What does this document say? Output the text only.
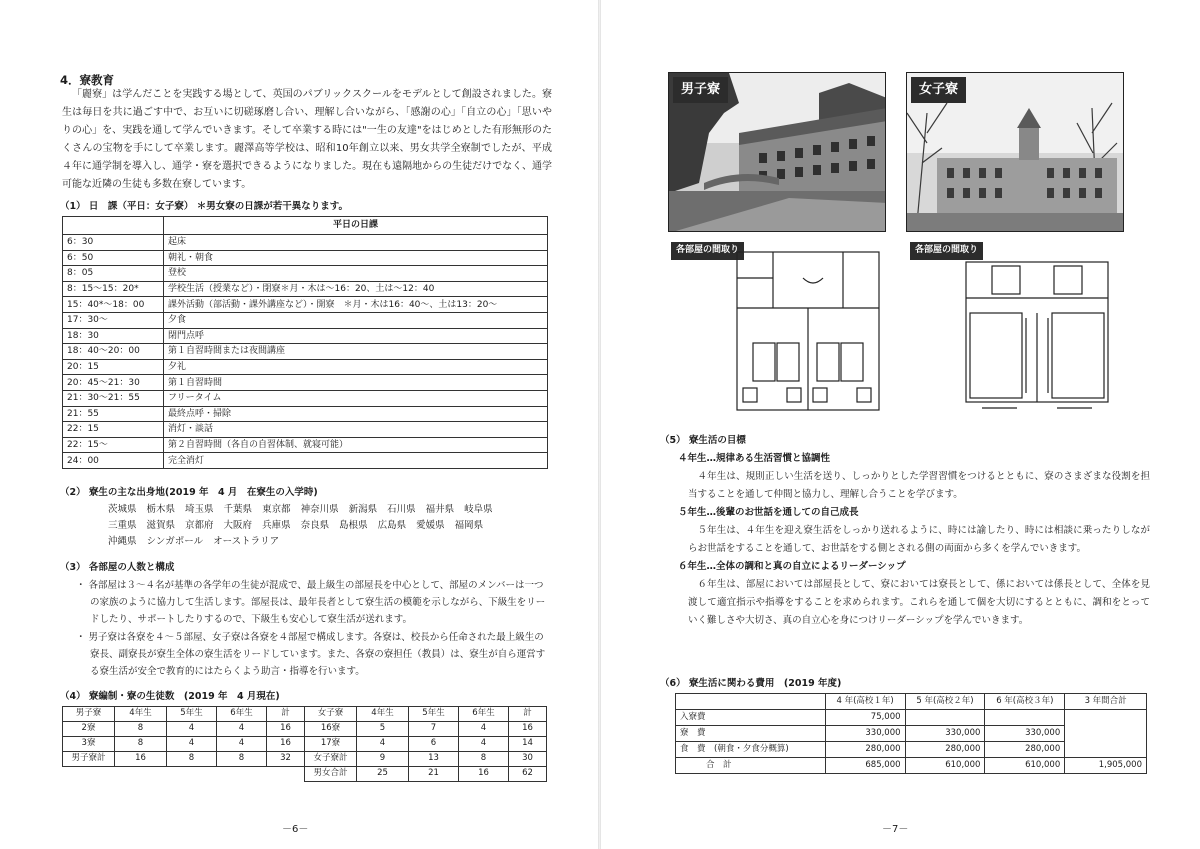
4．寮教育

「麗寮」は学んだことを実践する場として、英国のパブリックスクールをモデルとして創設されました。寮生は毎日を共に過ごす中で、お互いに切磋琢磨し合い、理解し合いながら、「感謝の心」「自立の心」「思いやりの心」を、実践を通して学んでいきます。そして卒業する時には"一生の友達"をはじめとした有形無形のたくさんの宝物を手にして卒業します。麗澤高等学校は、昭和10年創立以来、男女共学全寮制でしたが、平成４年に通学制を導入し、通学・寮を選択できるようになりました。現在も遠隔地からの生徒だけでなく、通学可能な近隣の生徒も多数在寮しています。

（1） 日　課（平日：女子寮） ＊男女寮の日課が若干異なります。
	平日の日課
6：30	起床
6：50	朝礼・朝食
8：05	登校
8：15～15：20*	学校生活（授業など）・閉寮＊月・木は～16：20、土は～12：40
15：40*～18：00	課外活動（部活動・課外講座など）・開寮　＊月・木は16：40～、土は13：20～
17：30～	夕食
18：30	閉門点呼
18：40～20：00	第１自習時間または夜間講座
20：15	夕礼
20：45～21：30	第１自習時間
21：30～21：55	フリータイム
21：55	最終点呼・掃除
22：15	消灯・談話
22：15～	第２自習時間（各自の自習体制、就寝可能）
24：00	完全消灯
（2） 寮生の主な出身地(2019 年　4 月　在寮生の入学時)
茨城県 栃木県 埼玉県 千葉県 東京都 神奈川県 新潟県 石川県 福井県 岐阜県
三重県 滋賀県 京都府 大阪府 兵庫県 奈良県 島根県 広島県 愛媛県 福岡県
沖縄県 シンガポール オーストラリア
（3） 各部屋の人数と構成

・ 各部屋は３～４名が基準の各学年の生徒が混成で、最上級生の部屋長を中心として、部屋のメンバーは一つの家族のように協力して生活します。部屋長は、最年長者として寮生活の模範を示しながら、下級生をリードしたり、サポートしたりするので、下級生も安心して寮生活が送れます。

・ 男子寮は各寮を４～５部屋、女子寮は各寮を４部屋で構成します。各寮は、校長から任命された最上級生の寮長、副寮長が寮生全体の寮生活をリードしています。また、各寮の寮担任（教員）は、寮生が自ら運営する寮生活が安全で教育的にはたらくよう助言・指導を行います。

（4） 寮編制・寮の生徒数　(2019 年　4 月現在)
男子寮	4年生	5年生	6年生	計	女子寮	4年生	5年生	6年生	計
2寮	8	4	4	16	16寮	5	7	4	16
3寮	8	4	4	16	17寮	4	6	4	14
男子寮計	16	8	8	32	女子寮計	9	13	8	30
					男女合計	25	21	16	62
－6－
男子寮	女子寮
各部屋の間取り	各部屋の間取り
（5） 寮生活の目標
４年生…規律ある生活習慣と協調性
４年生は、規則正しい生活を送り、しっかりとした学習習慣をつけるとともに、寮のさまざまな役割を担当することを通して仲間と協力し、理解し合うことを学びます。
５年生…後輩のお世話を通しての自己成長
５年生は、４年生を迎え寮生活をしっかり送れるように、時には諭したり、時には相談に乗ったりしながらお世話をすることを通して、お世話をする側とされる側の両面から多くを学んでいきます。
６年生…全体の調和と真の自立によるリーダーシップ
６年生は、部屋においては部屋長として、寮においては寮長として、係においては係長として、全体を見渡して適宜指示や指導をすることを求められます。これらを通して個を大切にするとともに、調和をとっていく難しさや大切さ、真の自立心を身につけリーダーシップを学んでいきます。
（6） 寮生活に関わる費用　(2019 年度)
	4 年(高校１年)	5 年(高校２年)	6 年(高校３年)	3 年間合計
入寮費	75,000			
寮　費	330,000	330,000	330,000	
食　費　(朝食・夕食分概算)	280,000	280,000	280,000	
合　計	685,000	610,000	610,000	1,905,000
－7－
